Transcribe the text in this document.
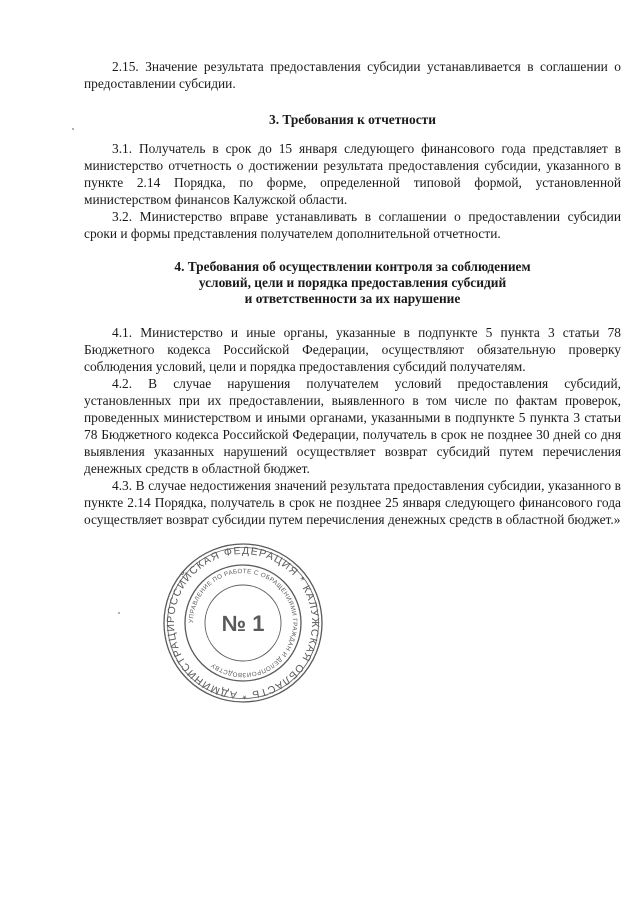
2.15. Значение результата предоставления субсидии устанавливается в соглашении о предоставлении субсидии.

3. Требования к отчетности

3.1. Получатель в срок до 15 января следующего финансового года представляет в министерство отчетность о достижении результата предоставления субсидии, указанного в пункте 2.14 Порядка, по форме, определенной типовой формой, установленной министерством финансов Калужской области.

3.2. Министерство вправе устанавливать в соглашении о предоставлении субсидии сроки и формы представления получателем дополнительной отчетности.

4. Требования об осуществлении контроля за соблюдением
условий, цели и порядка предоставления субсидий
и ответственности за их нарушение

4.1. Министерство и иные органы, указанные в подпункте 5 пункта 3 статьи 78 Бюджетного кодекса Российской Федерации, осуществляют обязательную проверку соблюдения условий, цели и порядка предоставления субсидий получателям.

4.2. В случае нарушения получателем условий предоставления субсидий, установленных при их предоставлении, выявленного в том числе по фактам проверок, проведенных министерством и иными органами, указанными в подпункте 5 пункта 3 статьи 78 Бюджетного кодекса Российской Федерации, получатель в срок не позднее 30 дней со дня выявления указанных нарушений осуществляет возврат субсидий путем перечисления денежных средств в областной бюджет.

4.3. В случае недостижения значений результата предоставления субсидии, указанного в пункте 2.14 Порядка, получатель в срок не позднее 25 января следующего финансового года осуществляет возврат субсидии путем перечисления денежных средств в областной бюджет.»

РОССИЙСКАЯ ФЕДЕРАЦИЯ * КАЛУЖСКАЯ ОБЛАСТЬ * АДМИНИСТРАЦИ
УПРАВЛЕНИЕ ПО РАБОТЕ С ОБРАЩЕНИЯМИ ГРАЖДАН И ДЕЛОПРОИЗВОДСТВУ
№ 1
